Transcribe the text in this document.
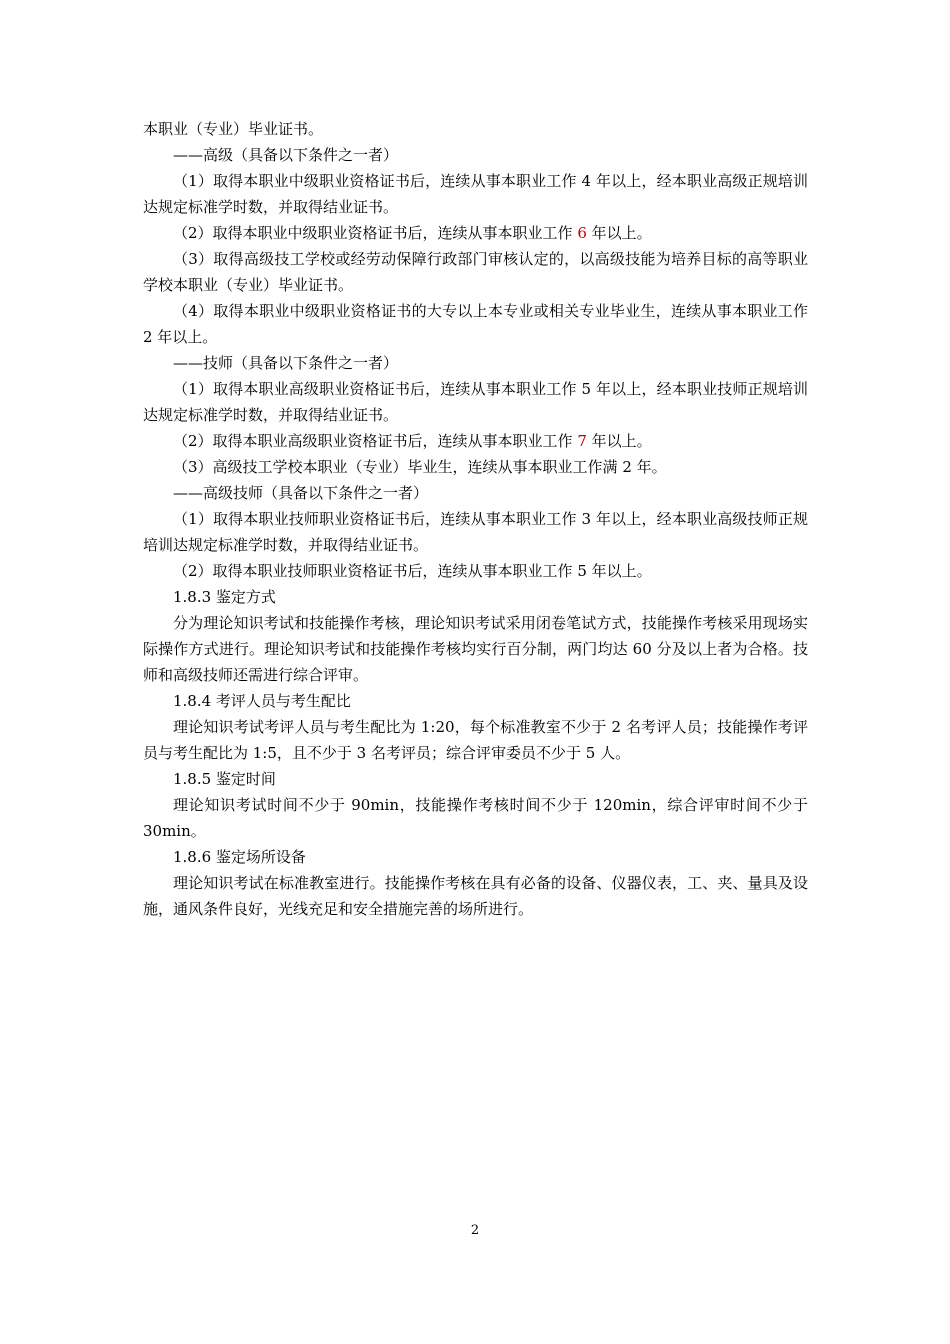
本职业（专业）毕业证书。

——高级（具备以下条件之一者）

（1）取得本职业中级职业资格证书后，连续从事本职业工作 4 年以上，经本职业高级正规培训达规定标准学时数，并取得结业证书。

（2）取得本职业中级职业资格证书后，连续从事本职业工作 6 年以上。

（3）取得高级技工学校或经劳动保障行政部门审核认定的，以高级技能为培养目标的高等职业学校本职业（专业）毕业证书。

（4）取得本职业中级职业资格证书的大专以上本专业或相关专业毕业生，连续从事本职业工作 2 年以上。

——技师（具备以下条件之一者）

（1）取得本职业高级职业资格证书后，连续从事本职业工作 5 年以上，经本职业技师正规培训达规定标准学时数，并取得结业证书。

（2）取得本职业高级职业资格证书后，连续从事本职业工作 7 年以上。

（3）高级技工学校本职业（专业）毕业生，连续从事本职业工作满 2 年。

——高级技师（具备以下条件之一者）

（1）取得本职业技师职业资格证书后，连续从事本职业工作 3 年以上，经本职业高级技师正规培训达规定标准学时数，并取得结业证书。

（2）取得本职业技师职业资格证书后，连续从事本职业工作 5 年以上。

1.8.3 鉴定方式

分为理论知识考试和技能操作考核，理论知识考试采用闭卷笔试方式，技能操作考核采用现场实际操作方式进行。理论知识考试和技能操作考核均实行百分制，两门均达 60 分及以上者为合格。技师和高级技师还需进行综合评审。

1.8.4 考评人员与考生配比

理论知识考试考评人员与考生配比为 1:20，每个标准教室不少于 2 名考评人员；技能操作考评员与考生配比为 1:5，且不少于 3 名考评员；综合评审委员不少于 5 人。

1.8.5 鉴定时间

理论知识考试时间不少于 90min，技能操作考核时间不少于 120min，综合评审时间不少于 30min。

1.8.6 鉴定场所设备

理论知识考试在标准教室进行。技能操作考核在具有必备的设备、仪器仪表，工、夹、量具及设施，通风条件良好，光线充足和安全措施完善的场所进行。

2
